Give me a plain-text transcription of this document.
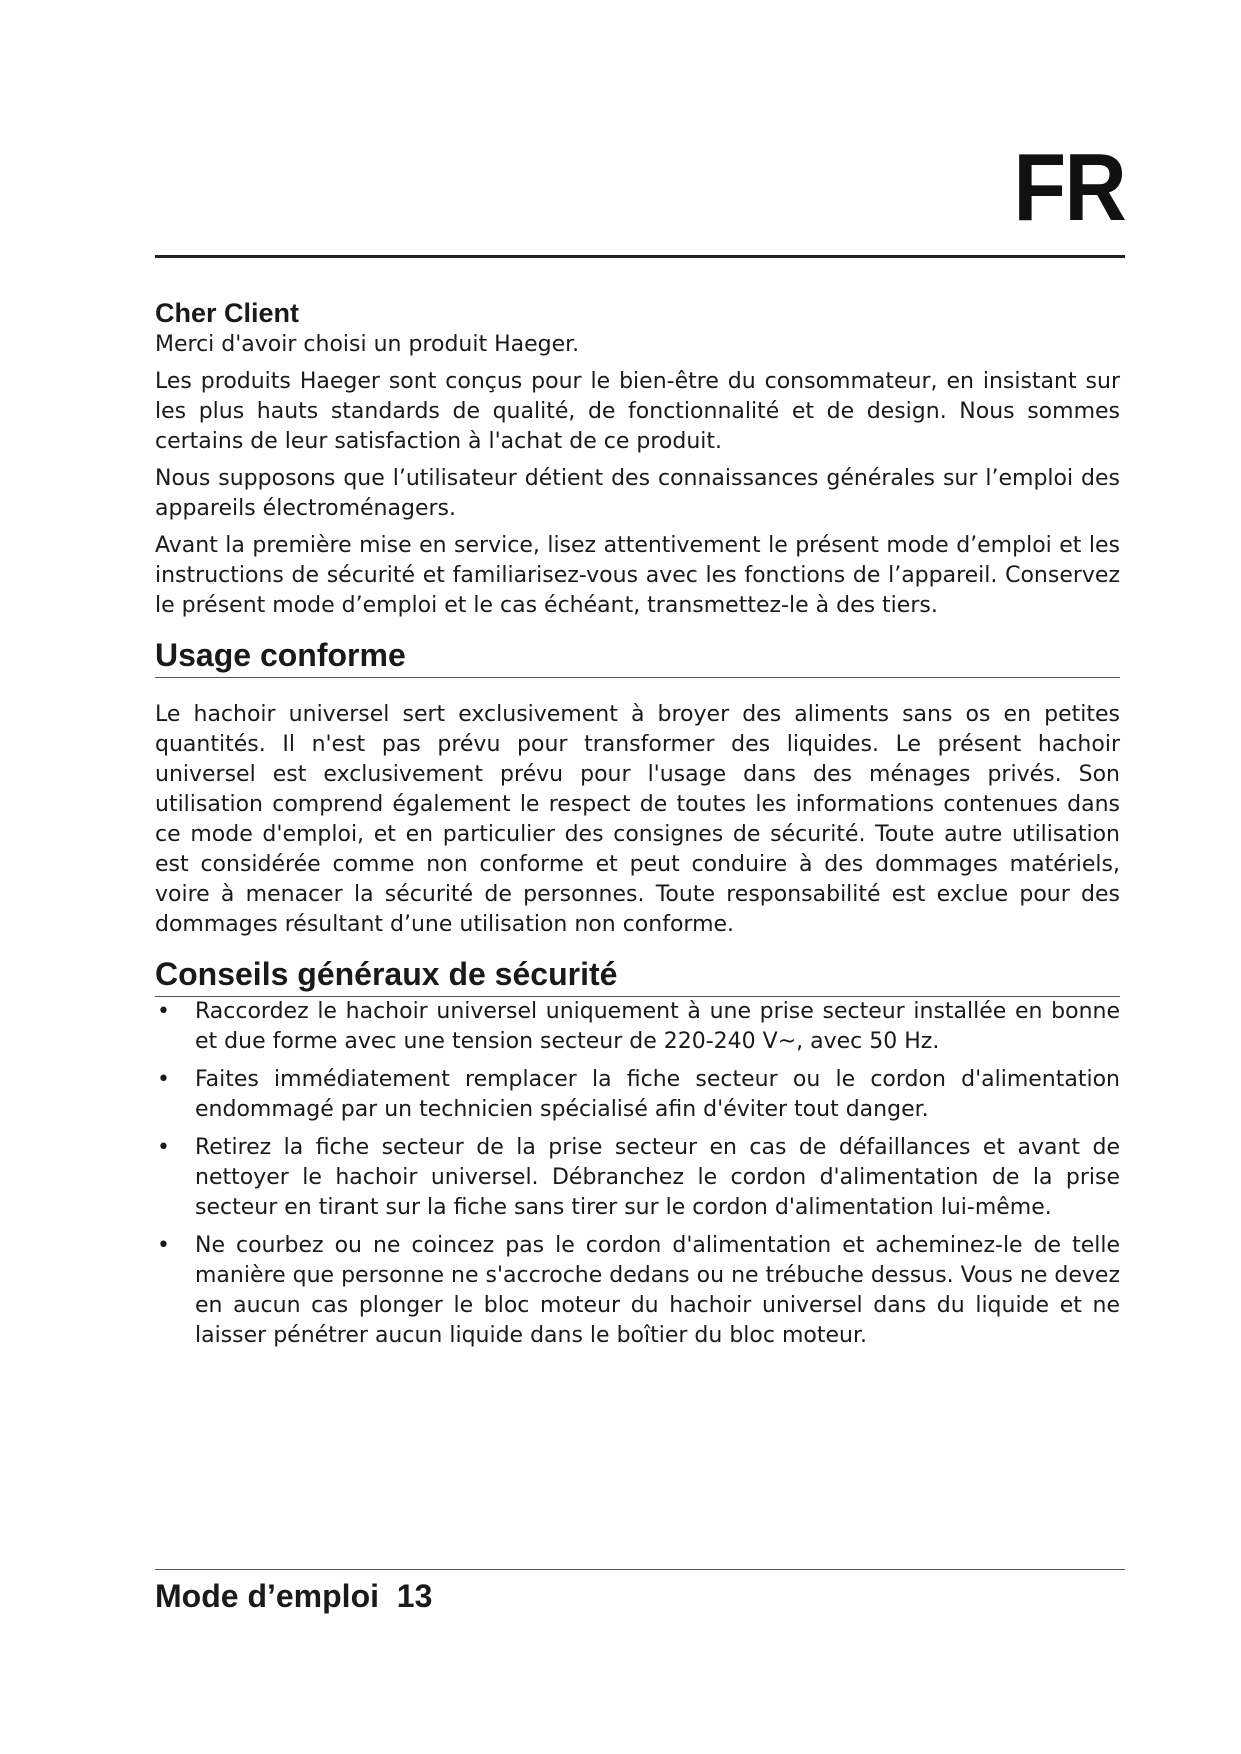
FR
Cher Client

Merci d'avoir choisi un produit Haeger.

Les produits Haeger sont conçus pour le bien-être du consommateur, en insistant sur les plus hauts standards de qualité, de fonctionnalité et de design. Nous sommes certains de leur satisfaction à l'achat de ce produit.

Nous supposons que l’utilisateur détient des connaissances générales sur l’emploi des appareils électroménagers.

Avant la première mise en service, lisez attentivement le présent mode d’emploi et les instructions de sécurité et familiarisez-vous avec les fonctions de l’appareil. Conservez le présent mode d’emploi et le cas échéant, transmettez-le à des tiers.

Usage conforme

Le hachoir universel sert exclusivement à broyer des aliments sans os en petites quantités. Il n'est pas prévu pour transformer des liquides. Le présent hachoir universel est exclusivement prévu pour l'usage dans des ménages privés. Son utilisation comprend également le respect de toutes les informations contenues dans ce mode d'emploi, et en particulier des consignes de sécurité. Toute autre utilisation est considérée comme non conforme et peut conduire à des dommages matériels, voire à menacer la sécurité de personnes. Toute responsabilité est exclue pour des dommages résultant d’une utilisation non conforme.

Conseils généraux de sécurité
• Raccordez le hachoir universel uniquement à une prise secteur installée en bonne et due forme avec une tension secteur de 220-240 V~, avec 50 Hz.

• Faites immédiatement remplacer la fiche secteur ou le cordon d'alimentation endommagé par un technicien spécialisé afin d'éviter tout danger.

• Retirez la fiche secteur de la prise secteur en cas de défaillances et avant de nettoyer le hachoir universel. Débranchez le cordon d'alimentation de la prise secteur en tirant sur la fiche sans tirer sur le cordon d'alimentation lui-même.

• Ne courbez ou ne coincez pas le cordon d'alimentation et acheminez-le de telle manière que personne ne s'accroche dedans ou ne trébuche dessus. Vous ne devez en aucun cas plonger le bloc moteur du hachoir universel dans du liquide et ne laisser pénétrer aucun liquide dans le boîtier du bloc moteur.

Mode d’emploi 13
